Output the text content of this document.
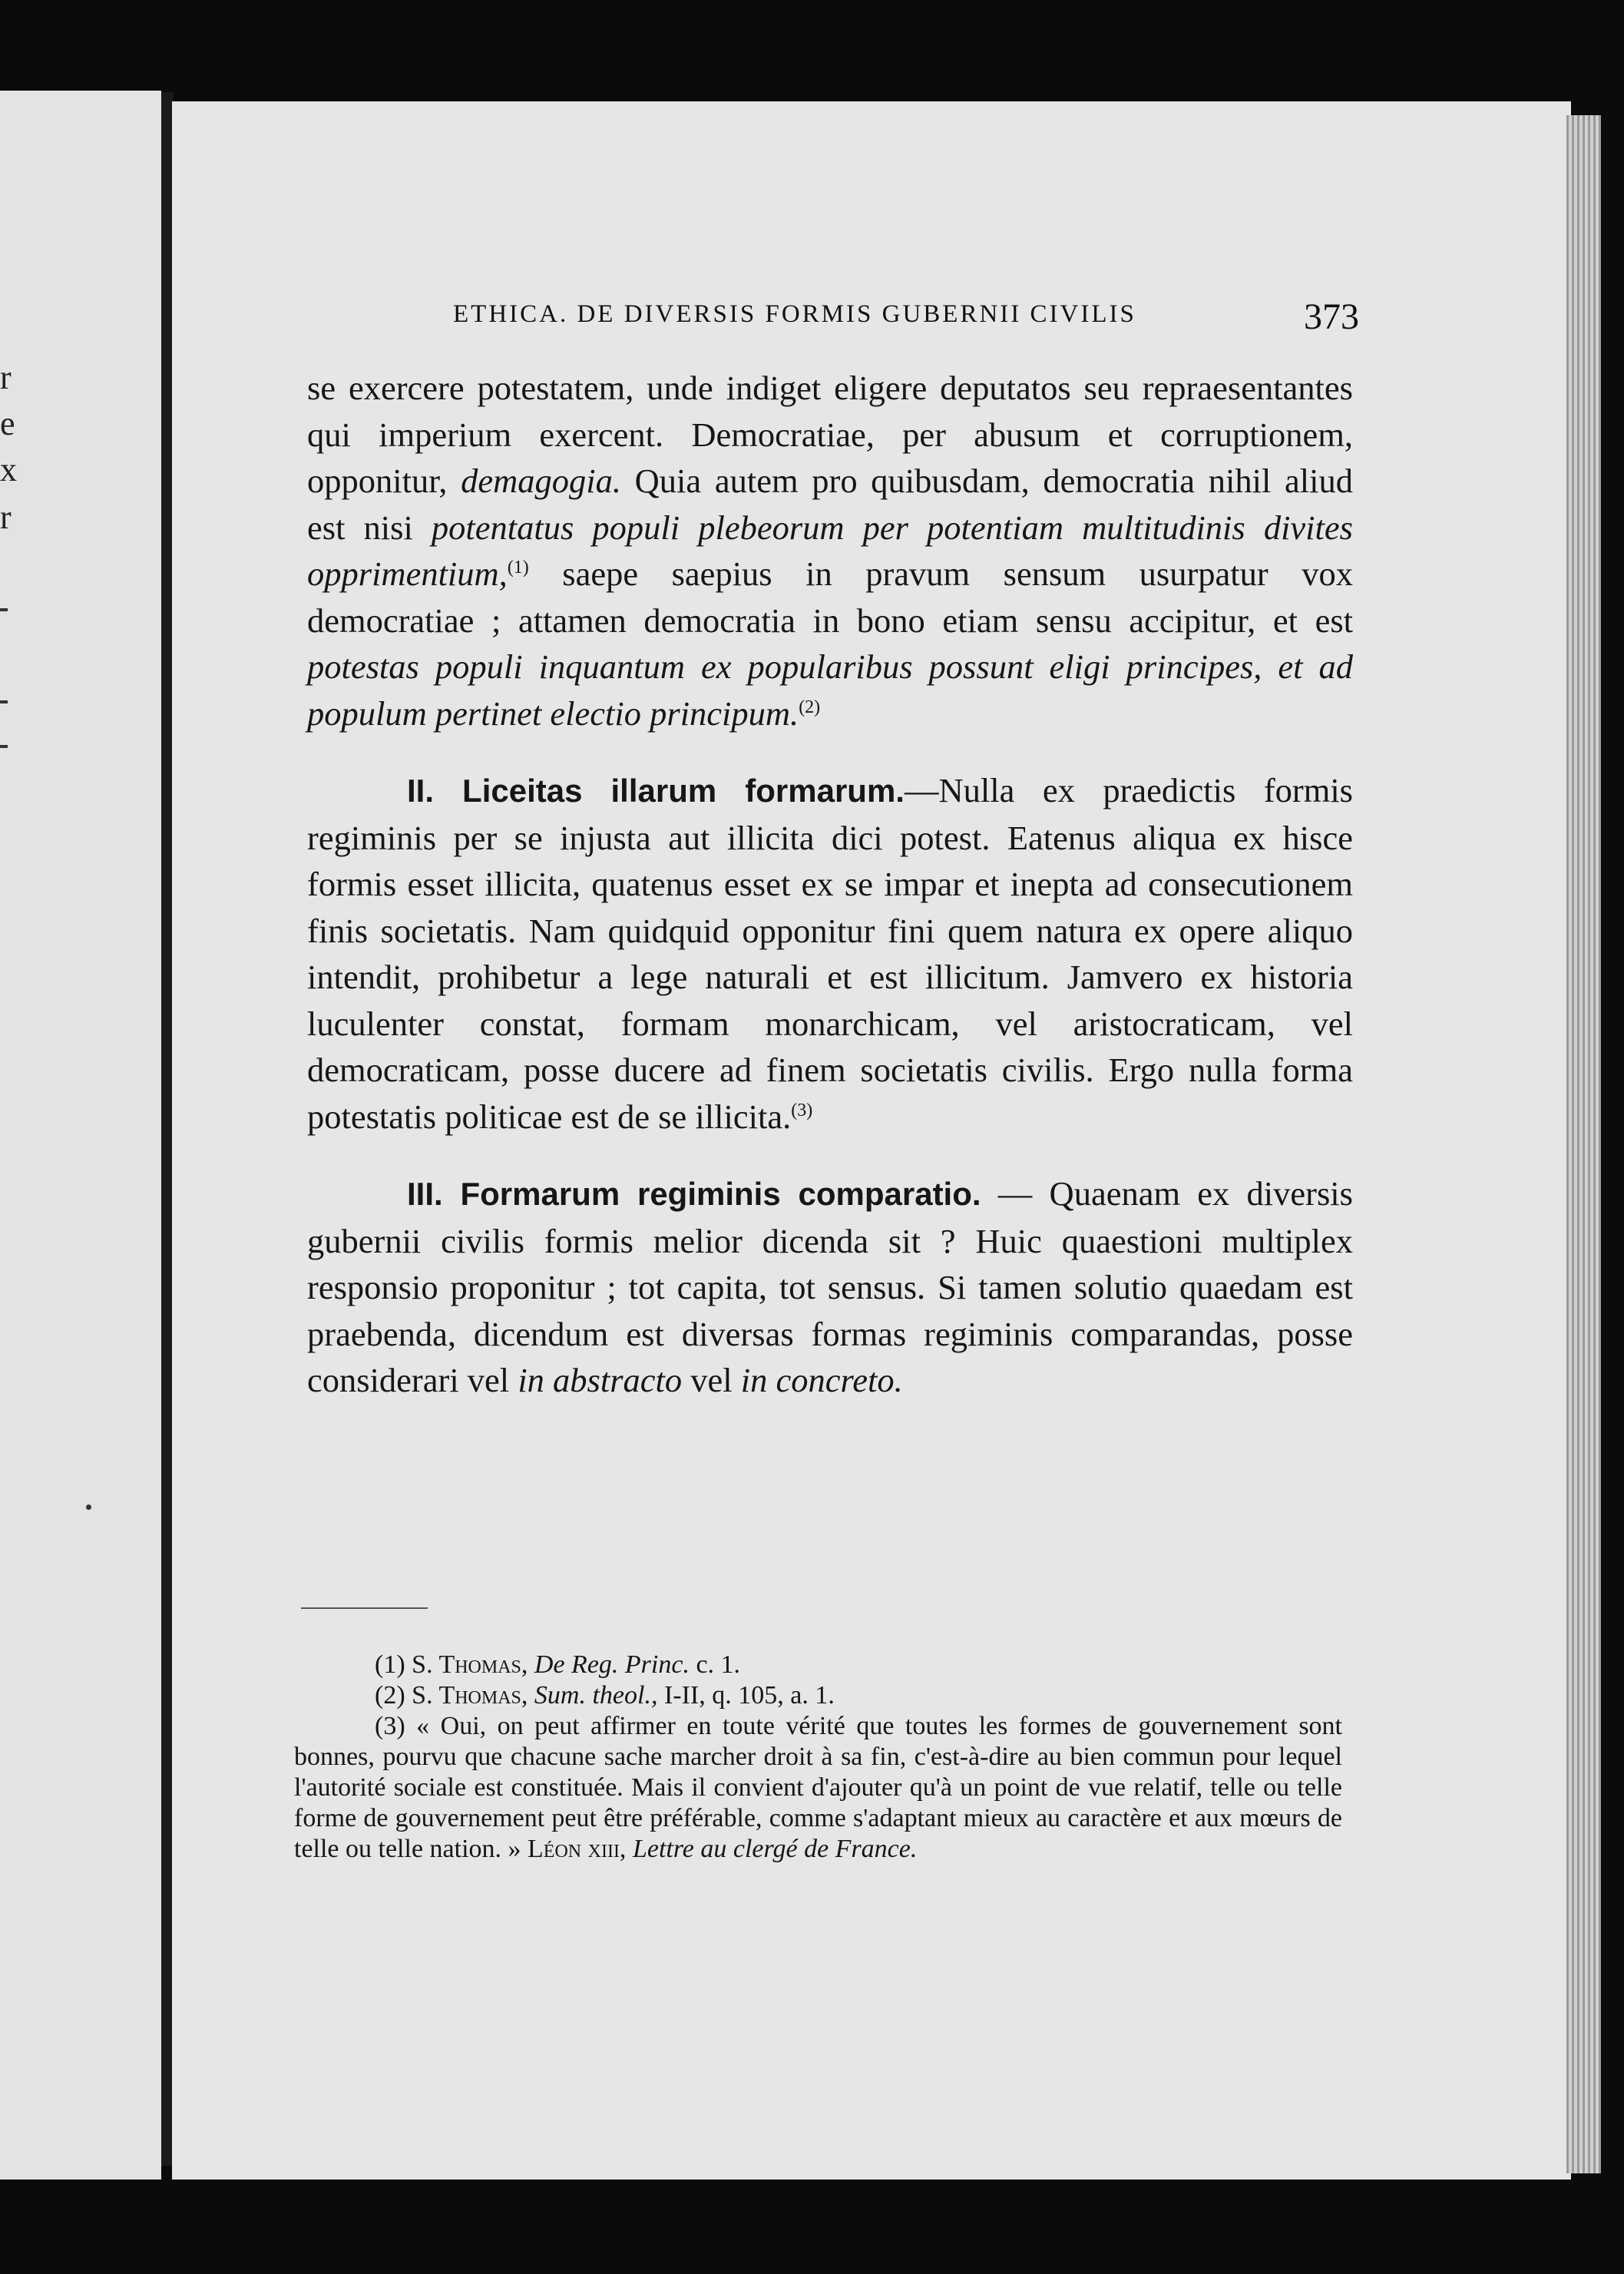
r
e
x
r
ETHICA. DE DIVERSIS FORMIS GUBERNII CIVILIS	373

se exercere potestatem, unde indiget eligere deputatos seu repraesentantes qui imperium exercent. Democratiae, per abusum et corruptionem, opponitur, demagogia. Quia autem pro quibusdam, democratia nihil aliud est nisi potentatus populi plebeorum per potentiam multitudinis divites opprimentium,$^{(1)}$ saepe saepius in pravum sensum usurpatur vox democratiae ; attamen democratia in bono etiam sensu accipitur, et est potestas populi inquantum ex popularibus possunt eligi principes, et ad populum pertinet electio principum.$^{(2)}$

II. Liceitas illarum formarum.—Nulla ex praedictis formis regiminis per se injusta aut illicita dici potest. Eatenus aliqua ex hisce formis esset illicita, quatenus esset ex se impar et inepta ad consecutionem finis societatis. Nam quidquid opponitur fini quem natura ex opere aliquo intendit, prohibetur a lege naturali et est illicitum. Jamvero ex historia luculenter constat, formam monarchicam, vel aristocraticam, vel democraticam, posse ducere ad finem societatis civilis. Ergo nulla forma potestatis politicae est de se illicita.$^{(3)}$

III. Formarum regiminis comparatio. — Quaenam ex diversis gubernii civilis formis melior dicenda sit ? Huic quaestioni multiplex responsio proponitur ; tot capita, tot sensus. Si tamen solutio quaedam est praebenda, dicendum est diversas formas regiminis comparandas, posse considerari vel in abstracto vel in concreto.

(1) S. Thomas, De Reg. Princ. c. 1.

(2) S. Thomas, Sum. theol., I-II, q. 105, a. 1.

(3) « Oui, on peut affirmer en toute vérité que toutes les formes de gouvernement sont bonnes, pourvu que chacune sache marcher droit à sa fin, c'est-à-dire au bien commun pour lequel l'autorité sociale est constituée. Mais il convient d'ajouter qu'à un point de vue relatif, telle ou telle forme de gouvernement peut être préférable, comme s'adaptant mieux au caractère et aux mœurs de telle ou telle nation. » Léon xiii, Lettre au clergé de France.
